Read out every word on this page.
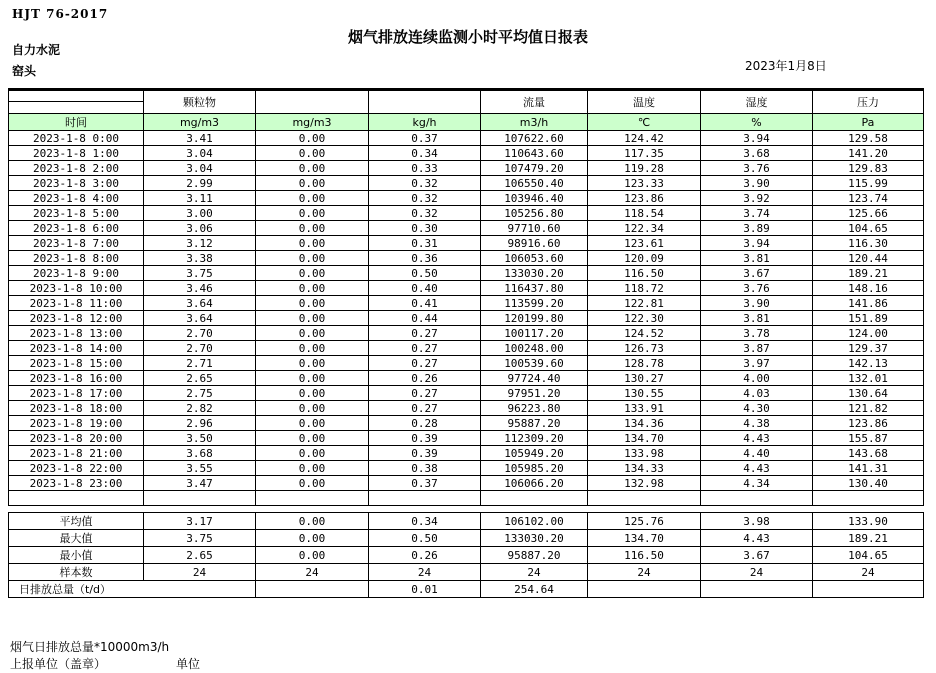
HJT 76-2017
烟气排放连续监测小时平均值日报表
自力水泥
窑头	2023年1月8日
	颗粒物			流量	温度	湿度	压力

时间	mg/m3	mg/m3	kg/h	m3/h	℃	%	Pa
2023-1-8 0:00	3.41	0.00	0.37	107622.60	124.42	3.94	129.58
2023-1-8 1:00	3.04	0.00	0.34	110643.60	117.35	3.68	141.20
2023-1-8 2:00	3.04	0.00	0.33	107479.20	119.28	3.76	129.83
2023-1-8 3:00	2.99	0.00	0.32	106550.40	123.33	3.90	115.99
2023-1-8 4:00	3.11	0.00	0.32	103946.40	123.86	3.92	123.74
2023-1-8 5:00	3.00	0.00	0.32	105256.80	118.54	3.74	125.66
2023-1-8 6:00	3.06	0.00	0.30	97710.60	122.34	3.89	104.65
2023-1-8 7:00	3.12	0.00	0.31	98916.60	123.61	3.94	116.30
2023-1-8 8:00	3.38	0.00	0.36	106053.60	120.09	3.81	120.44
2023-1-8 9:00	3.75	0.00	0.50	133030.20	116.50	3.67	189.21
2023-1-8 10:00	3.46	0.00	0.40	116437.80	118.72	3.76	148.16
2023-1-8 11:00	3.64	0.00	0.41	113599.20	122.81	3.90	141.86
2023-1-8 12:00	3.64	0.00	0.44	120199.80	122.30	3.81	151.89
2023-1-8 13:00	2.70	0.00	0.27	100117.20	124.52	3.78	124.00
2023-1-8 14:00	2.70	0.00	0.27	100248.00	126.73	3.87	129.37
2023-1-8 15:00	2.71	0.00	0.27	100539.60	128.78	3.97	142.13
2023-1-8 16:00	2.65	0.00	0.26	97724.40	130.27	4.00	132.01
2023-1-8 17:00	2.75	0.00	0.27	97951.20	130.55	4.03	130.64
2023-1-8 18:00	2.82	0.00	0.27	96223.80	133.91	4.30	121.82
2023-1-8 19:00	2.96	0.00	0.28	95887.20	134.36	4.38	123.86
2023-1-8 20:00	3.50	0.00	0.39	112309.20	134.70	4.43	155.87
2023-1-8 21:00	3.68	0.00	0.39	105949.20	133.98	4.40	143.68
2023-1-8 22:00	3.55	0.00	0.38	105985.20	134.33	4.43	141.31
2023-1-8 23:00	3.47	0.00	0.37	106066.20	132.98	4.34	130.40

平均值	3.17	0.00	0.34	106102.00	125.76	3.98	133.90
最大值	3.75	0.00	0.50	133030.20	134.70	4.43	189.21
最小值	2.65	0.00	0.26	95887.20	116.50	3.67	104.65
样本数	24	24	24	24	24	24	24
日排放总量（t/d）			0.01	254.64			
烟气日排放总量*10000m3/h
上报单位（盖章）	单位
